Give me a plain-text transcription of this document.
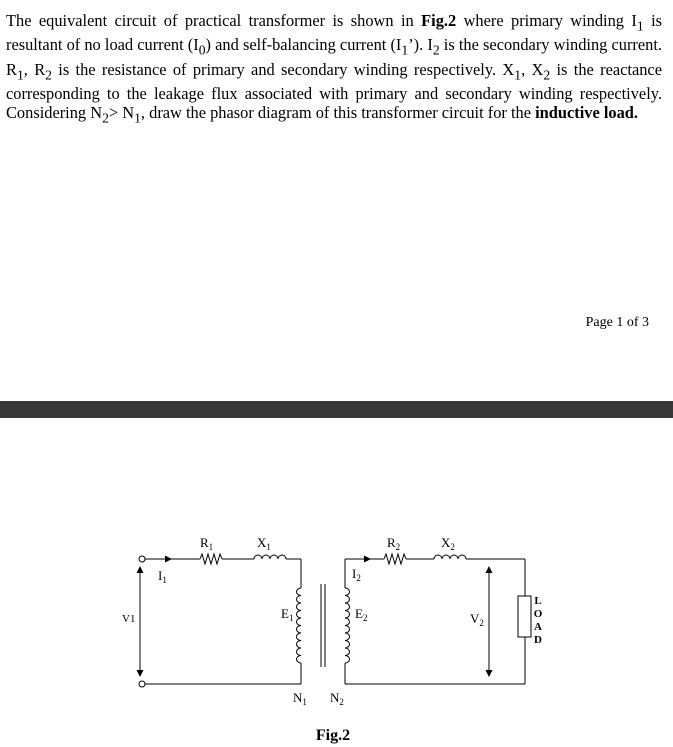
The equivalent circuit of practical transformer is shown in Fig.2 where primary winding $I_1$ is resultant of no load current $(I_0)$ and self-balancing current $(I_1’)$. $I_2$ is the secondary winding current. $R_1$, $R_2$ is the resistance of primary and secondary winding respectively. $X_1$, $X_2$ is the reactance corresponding to the leakage flux associated with primary and secondary winding respectively. Considering $N_2> N_1$, draw the phasor diagram of this transformer circuit for the inductive load.

Page 1 of 3
$R_1$	$X_1$	$R_2$	$X_2$
$I_1$	$I_2$
$E_1$	$E_2$
V1	$V_2$
$N_1$ $N_2$
L
O
A
D
Fig.2
